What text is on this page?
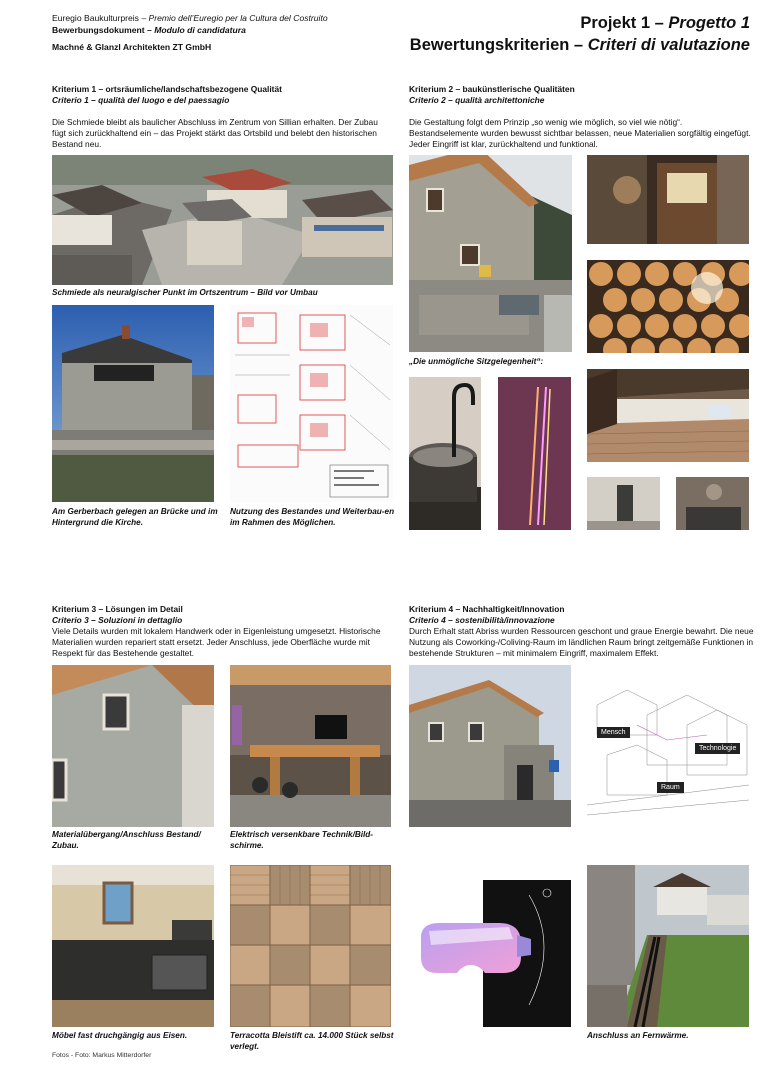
Euregio Baukulturpreis – Premio dell’Euregio per la Cultura del Costruito
Bewerbungsdokument – Modulo di candidatura
Machné & Glanzl Architekten ZT GmbH
Projekt 1 – Progetto 1
Bewertungskriterien – Criteri di valutazione
Kriterium 1 – ortsräumliche/landschaftsbezogene Qualität
Criterio 1 – qualità del luogo e del paessagio
Die Schmiede bleibt als baulicher Abschluss im Zentrum von Sillian erhalten. Der Zubau fügt sich zurückhaltend ein – das Projekt stärkt das Ortsbild und belebt den historischen Bestand neu.
Schmiede als neuralgischer Punkt im Ortszentrum – Bild vor Umbau
Am Gerberbach gelegen an Brücke und im Hintergrund die Kirche.
Nutzung des Bestandes und Weiterbau-en im Rahmen des Möglichen.
Kriterium 2 – baukünstlerische Qualitäten
Criterio 2 – qualità architettoniche
Die Gestaltung folgt dem Prinzip „so wenig wie möglich, so viel wie nötig“. Bestandselemente wurden bewusst sichtbar belassen, neue Materialien sorgfältig eingefügt. Jeder Eingriff ist klar, zurückhaltend und funktional.
„Die unmögliche Sitzgelegenheit“:
Kriterium 3 – Lösungen im Detail
Criterio 3 – Soluzioni in dettaglio
Viele Details wurden mit lokalem Handwerk oder in Eigenleistung umgesetzt. Historische Materialien wurden repariert statt ersetzt. Jeder Anschluss, jede Oberfläche wurde mit Respekt für das Bestehende gestaltet.
Materialübergang/Anschluss Bestand/ Zubau.
Elektrisch versenkbare Technik/Bild-schirme.
Möbel fast druchgängig aus Eisen.	Terracotta Bleistift ca. 14.000 Stück selbst verlegt.
Kriterium 4 – Nachhaltigkeit/Innovation
Criterio 4 – sostenibilità/innovazione
Durch Erhalt statt Abriss wurden Ressourcen geschont und graue Energie bewahrt. Die neue Nutzung als Coworking-/Coliving-Raum im ländlichen Raum bringt zeitgemäße Funktionen in bestehende Strukturen – mit minimalem Eingriff, maximalem Effekt.
Mensch
Technologie
Raum
Anschluss an Fernwärme.
Fotos - Foto: Markus Mitterdorfer
